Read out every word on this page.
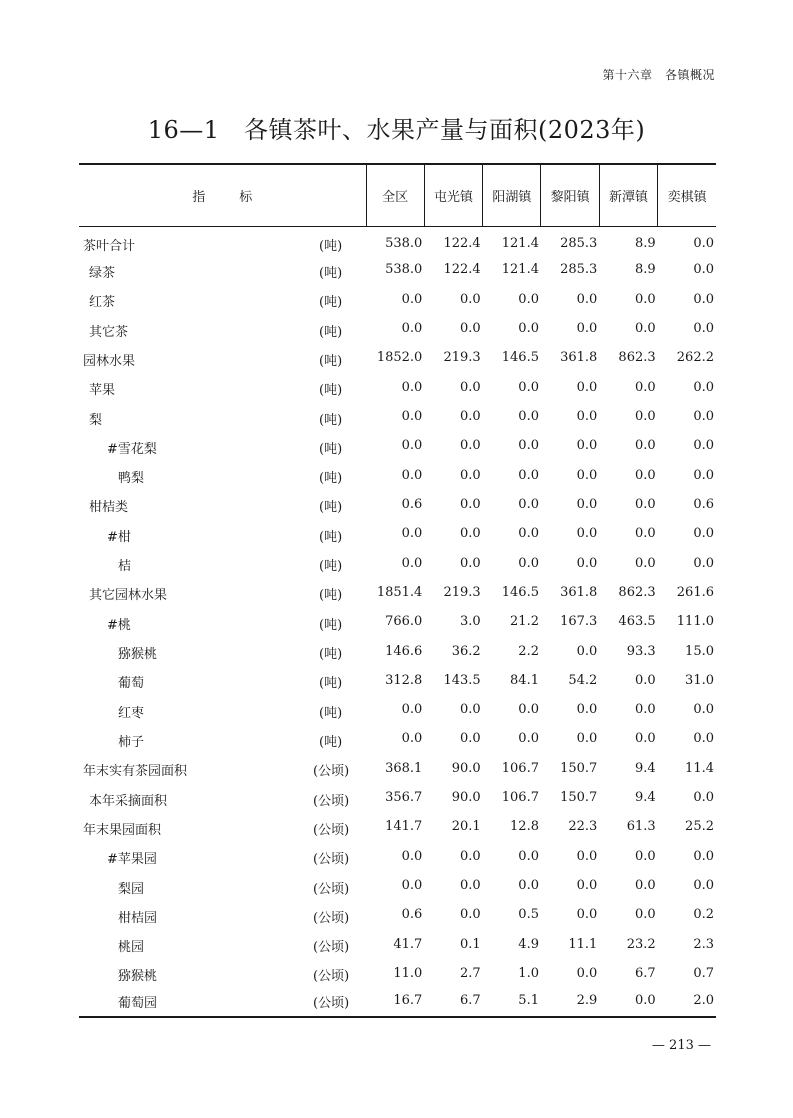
第十六章　各镇概况
16—1　各镇茶叶、水果产量与面积(2023年)
指 标	全区	屯光镇	阳湖镇	黎阳镇	新潭镇	奕棋镇

茶叶合计 (吨)	538.0	122.4	121.4	285.3	8.9	0.0

绿茶 (吨)	538.0	122.4	121.4	285.3	8.9	0.0

红茶 (吨)	0.0	0.0	0.0	0.0	0.0	0.0

其它茶 (吨)	0.0	0.0	0.0	0.0	0.0	0.0

园林水果 (吨)	1852.0	219.3	146.5	361.8	862.3	262.2

苹果 (吨)	0.0	0.0	0.0	0.0	0.0	0.0

梨 (吨)	0.0	0.0	0.0	0.0	0.0	0.0

#雪花梨 (吨)	0.0	0.0	0.0	0.0	0.0	0.0

鸭梨 (吨)	0.0	0.0	0.0	0.0	0.0	0.0

柑桔类 (吨)	0.6	0.0	0.0	0.0	0.0	0.6

#柑 (吨)	0.0	0.0	0.0	0.0	0.0	0.0

桔 (吨)	0.0	0.0	0.0	0.0	0.0	0.0

其它园林水果 (吨)	1851.4	219.3	146.5	361.8	862.3	261.6

#桃 (吨)	766.0	3.0	21.2	167.3	463.5	111.0

猕猴桃 (吨)	146.6	36.2	2.2	0.0	93.3	15.0

葡萄 (吨)	312.8	143.5	84.1	54.2	0.0	31.0

红枣 (吨)	0.0	0.0	0.0	0.0	0.0	0.0

柿子 (吨)	0.0	0.0	0.0	0.0	0.0	0.0

年末实有茶园面积 (公顷)	368.1	90.0	106.7	150.7	9.4	11.4

本年采摘面积 (公顷)	356.7	90.0	106.7	150.7	9.4	0.0

年末果园面积 (公顷)	141.7	20.1	12.8	22.3	61.3	25.2

#苹果园 (公顷)	0.0	0.0	0.0	0.0	0.0	0.0

梨园 (公顷)	0.0	0.0	0.0	0.0	0.0	0.0

柑桔园 (公顷)	0.6	0.0	0.5	0.0	0.0	0.2

桃园 (公顷)	41.7	0.1	4.9	11.1	23.2	2.3

猕猴桃 (公顷)	11.0	2.7	1.0	0.0	6.7	0.7

葡萄园 (公顷)	16.7	6.7	5.1	2.9	0.0	2.0
— 213 —
